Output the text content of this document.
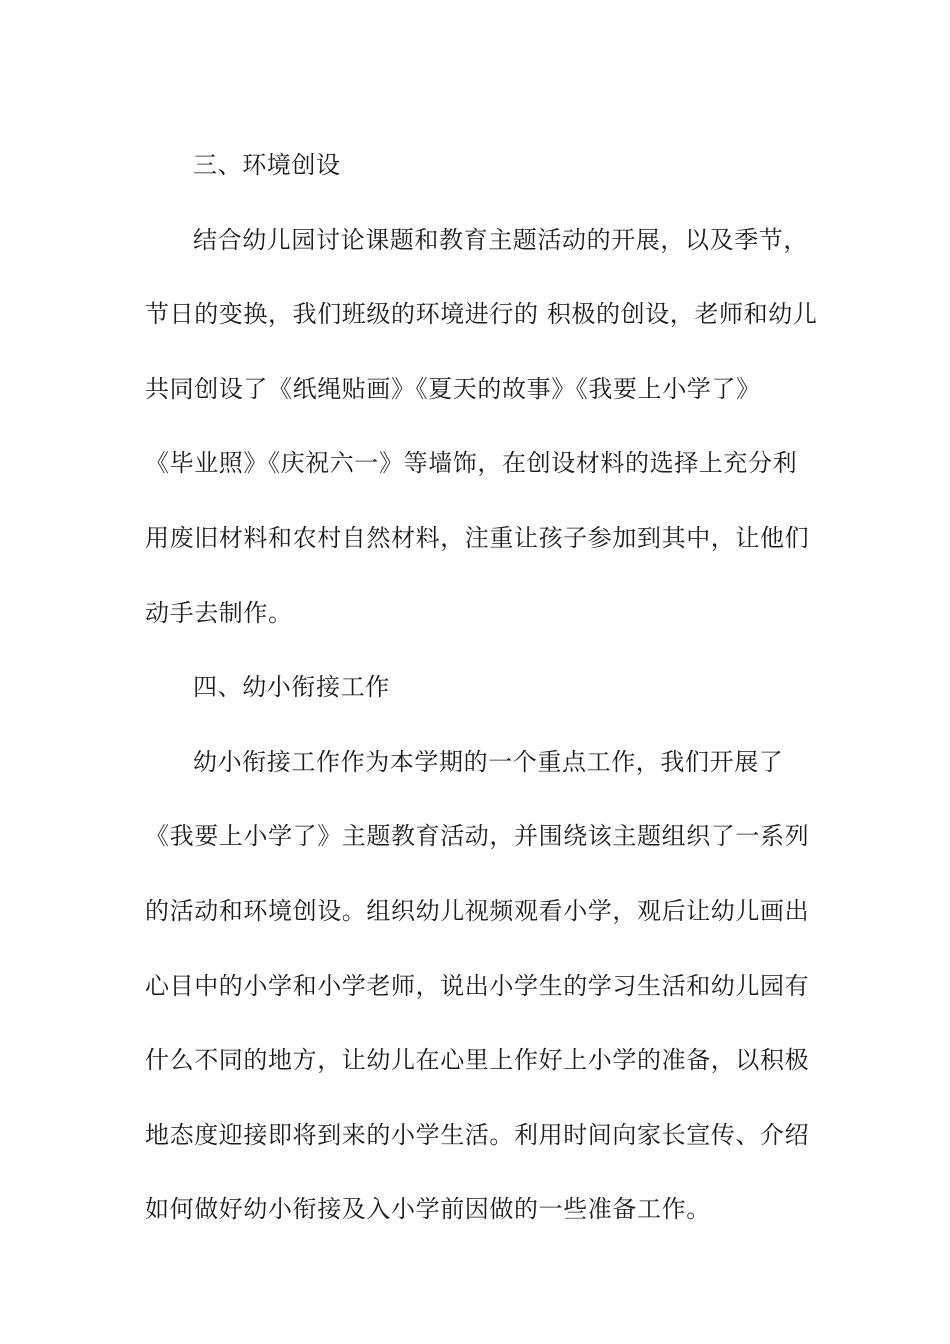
三、环境创设
结合幼儿园讨论课题和教育主题活动的开展，以及季节，
节日的变换，我们班级的环境进行的 积极的创设，老师和幼儿
共同创设了《纸绳贴画》《夏天的故事》《我要上小学了》
《毕业照》《庆祝六一》等墙饰，在创设材料的选择上充分利
用废旧材料和农村自然材料，注重让孩子参加到其中，让他们
动手去制作。
四、幼小衔接工作
幼小衔接工作作为本学期的一个重点工作，我们开展了
《我要上小学了》主题教育活动，并围绕该主题组织了一系列
的活动和环境创设。组织幼儿视频观看小学，观后让幼儿画出
心目中的小学和小学老师，说出小学生的学习生活和幼儿园有
什么不同的地方，让幼儿在心里上作好上小学的准备，以积极
地态度迎接即将到来的小学生活。利用时间向家长宣传、介绍
如何做好幼小衔接及入小学前因做的一些准备工作。
